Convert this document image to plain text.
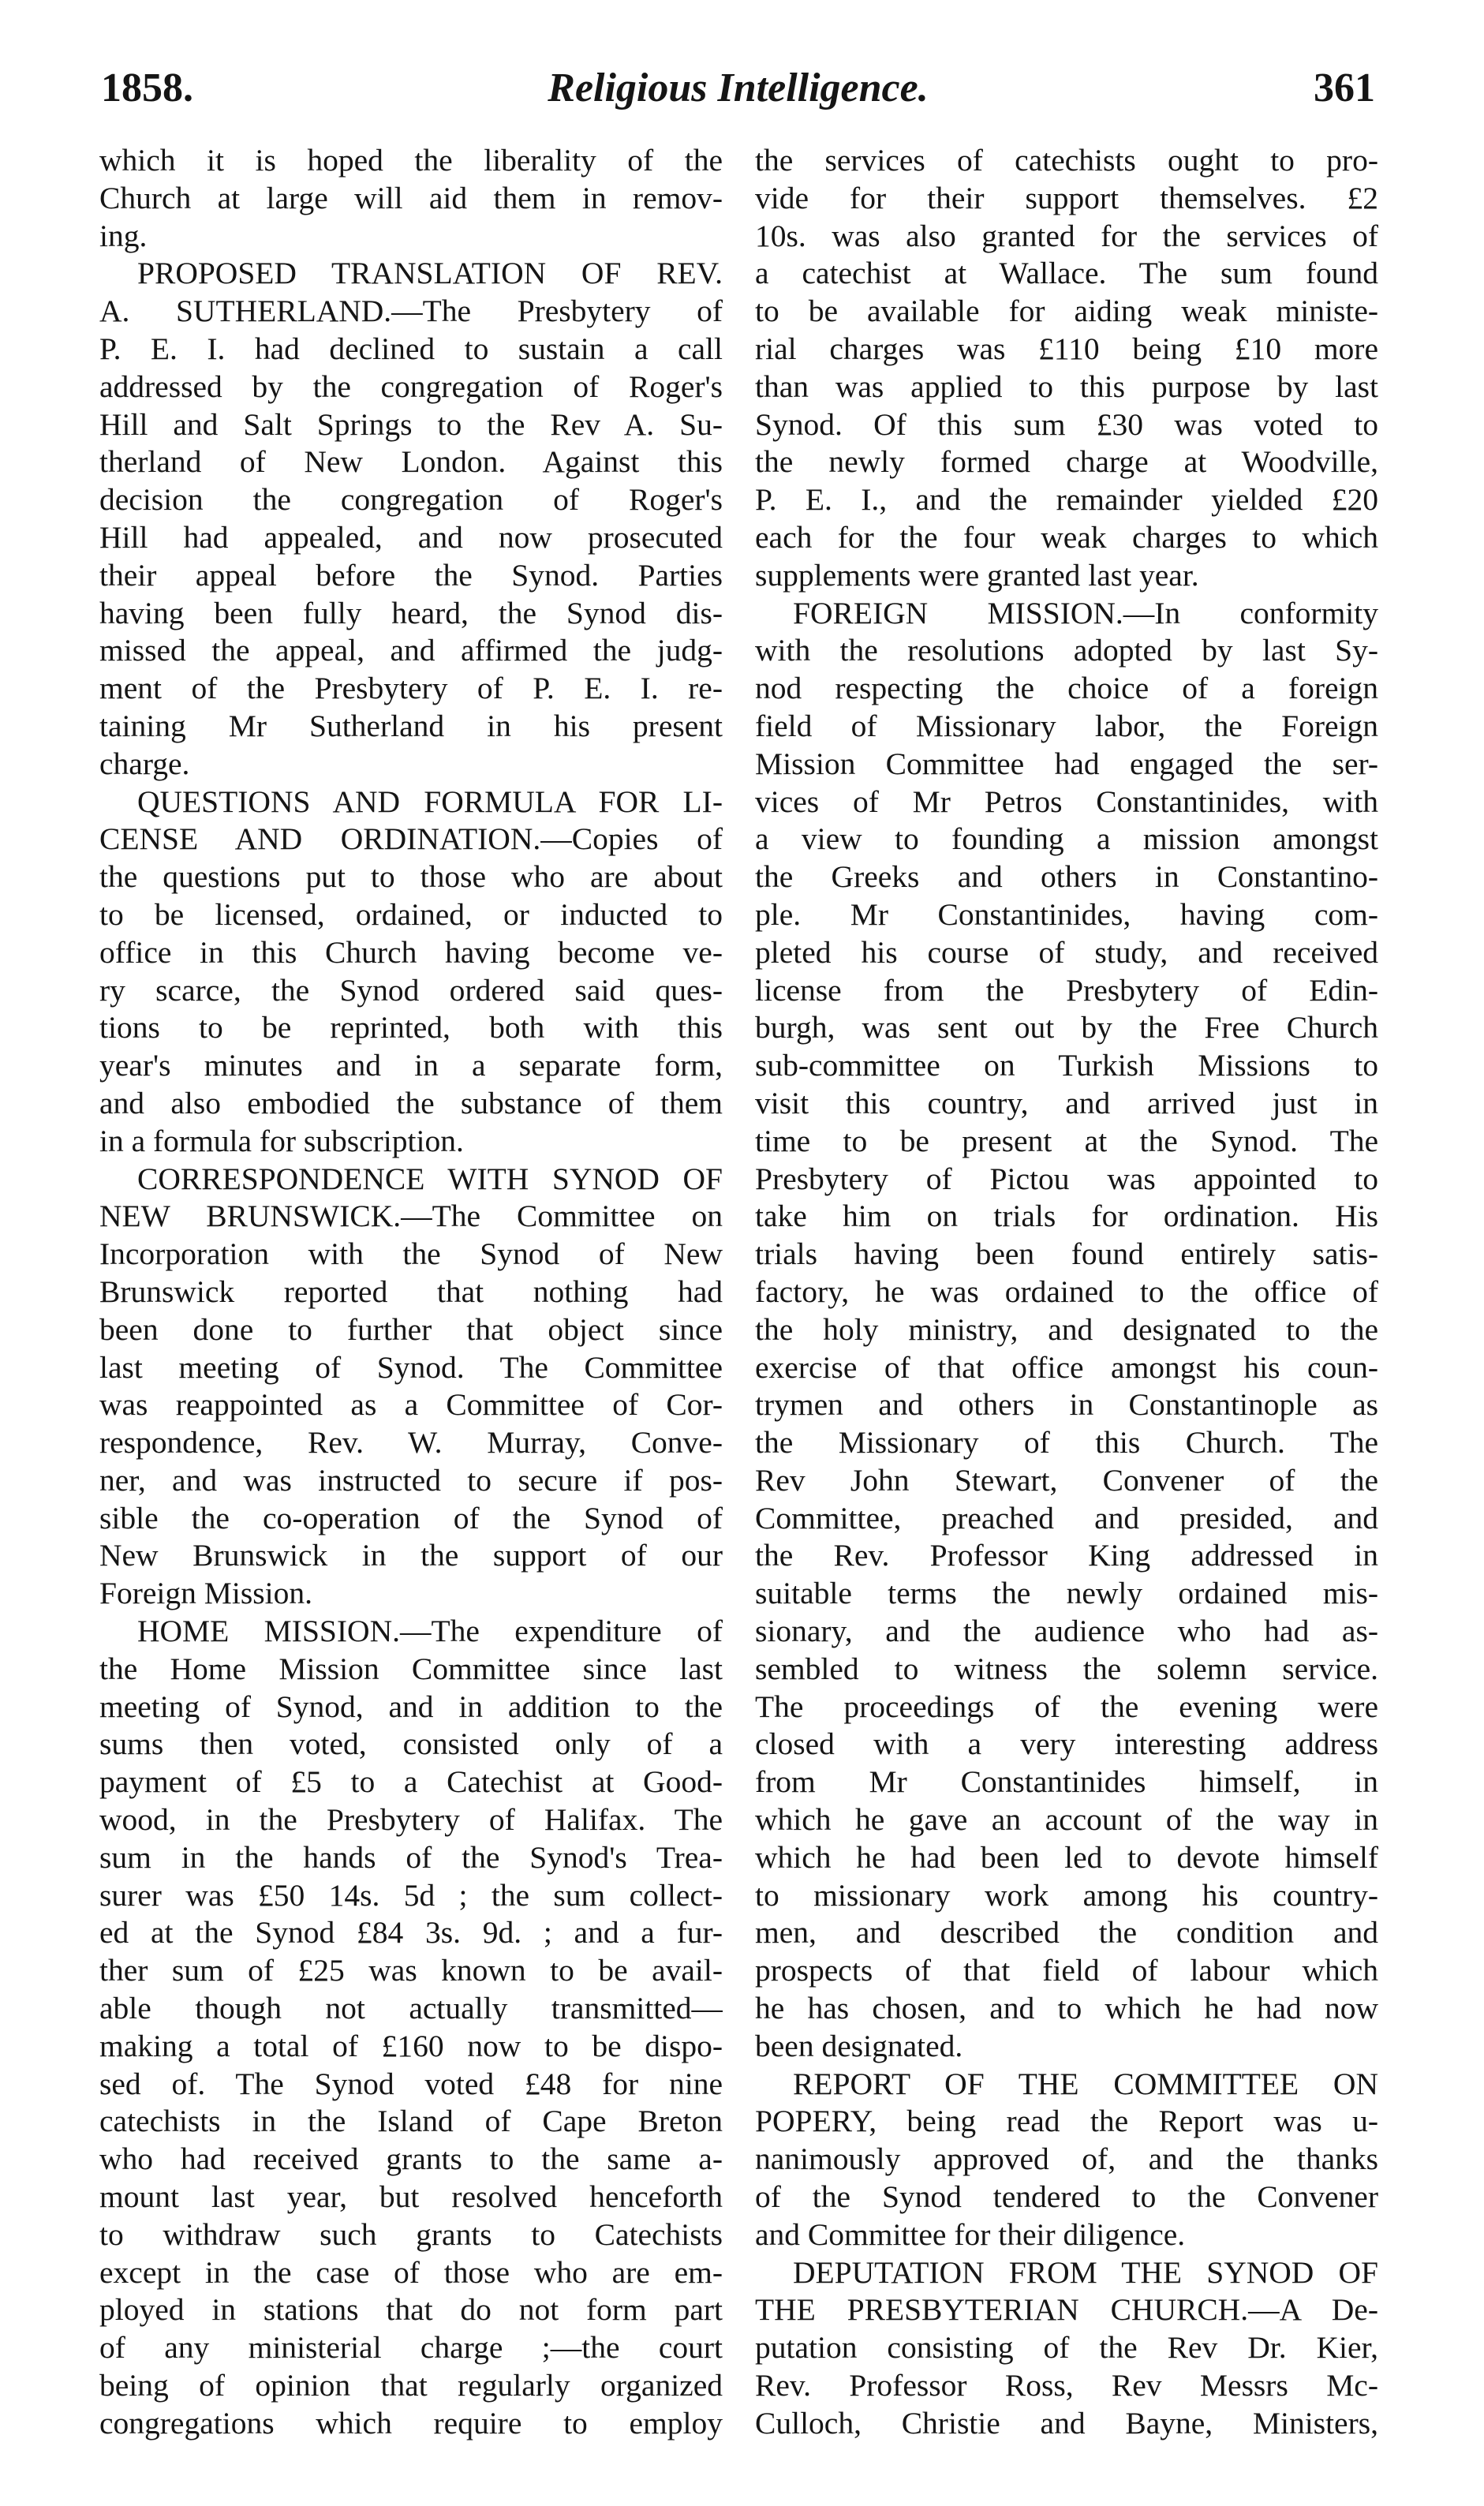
1858.	Religious Intelligence.	361
which it is hoped the liberality of the
Church at large will aid them in remov-
ing.
PROPOSED TRANSLATION OF REV.
A. SUTHERLAND.—The Presbytery of
P. E. I. had declined to sustain a call
addressed by the congregation of Roger's
Hill and Salt Springs to the Rev A. Su-
therland of New London. Against this
decision the congregation of Roger's
Hill had appealed, and now prosecuted
their appeal before the Synod. Parties
having been fully heard, the Synod dis-
missed the appeal, and affirmed the judg-
ment of the Presbytery of P. E. I. re-
taining Mr Sutherland in his present
charge.
QUESTIONS AND FORMULA FOR LI-
CENSE AND ORDINATION.—Copies of
the questions put to those who are about
to be licensed, ordained, or inducted to
office in this Church having become ve-
ry scarce, the Synod ordered said ques-
tions to be reprinted, both with this
year's minutes and in a separate form,
and also embodied the substance of them
in a formula for subscription.
CORRESPONDENCE WITH SYNOD OF
NEW BRUNSWICK.—The Committee on
Incorporation with the Synod of New
Brunswick reported that nothing had
been done to further that object since
last meeting of Synod. The Committee
was reappointed as a Committee of Cor-
respondence, Rev. W. Murray, Conve-
ner, and was instructed to secure if pos-
sible the co-operation of the Synod of
New Brunswick in the support of our
Foreign Mission.
HOME MISSION.—The expenditure of
the Home Mission Committee since last
meeting of Synod, and in addition to the
sums then voted, consisted only of a
payment of £5 to a Catechist at Good-
wood, in the Presbytery of Halifax. The
sum in the hands of the Synod's Trea-
surer was £50 14s. 5d ; the sum collect-
ed at the Synod £84 3s. 9d. ; and a fur-
ther sum of £25 was known to be avail-
able though not actually transmitted—
making a total of £160 now to be dispo-
sed of. The Synod voted £48 for nine
catechists in the Island of Cape Breton
who had received grants to the same a-
mount last year, but resolved henceforth
to withdraw such grants to Catechists
except in the case of those who are em-
ployed in stations that do not form part
of any ministerial charge ;—the court
being of opinion that regularly organized
congregations which require to employ
the services of catechists ought to pro-
vide for their support themselves. £2
10s. was also granted for the services of
a catechist at Wallace. The sum found
to be available for aiding weak ministe-
rial charges was £110 being £10 more
than was applied to this purpose by last
Synod. Of this sum £30 was voted to
the newly formed charge at Woodville,
P. E. I., and the remainder yielded £20
each for the four weak charges to which
supplements were granted last year.
FOREIGN MISSION.—In conformity
with the resolutions adopted by last Sy-
nod respecting the choice of a foreign
field of Missionary labor, the Foreign
Mission Committee had engaged the ser-
vices of Mr Petros Constantinides, with
a view to founding a mission amongst
the Greeks and others in Constantino-
ple. Mr Constantinides, having com-
pleted his course of study, and received
license from the Presbytery of Edin-
burgh, was sent out by the Free Church
sub-committee on Turkish Missions to
visit this country, and arrived just in
time to be present at the Synod. The
Presbytery of Pictou was appointed to
take him on trials for ordination. His
trials having been found entirely satis-
factory, he was ordained to the office of
the holy ministry, and designated to the
exercise of that office amongst his coun-
trymen and others in Constantinople as
the Missionary of this Church. The
Rev John Stewart, Convener of the
Committee, preached and presided, and
the Rev. Professor King addressed in
suitable terms the newly ordained mis-
sionary, and the audience who had as-
sembled to witness the solemn service.
The proceedings of the evening were
closed with a very interesting address
from Mr Constantinides himself, in
which he gave an account of the way in
which he had been led to devote himself
to missionary work among his country-
men, and described the condition and
prospects of that field of labour which
he has chosen, and to which he had now
been designated.
REPORT OF THE COMMITTEE ON
POPERY, being read the Report was u-
nanimously approved of, and the thanks
of the Synod tendered to the Convener
and Committee for their diligence.
DEPUTATION FROM THE SYNOD OF
THE PRESBYTERIAN CHURCH.—A De-
putation consisting of the Rev Dr. Kier,
Rev. Professor Ross, Rev Messrs Mc-
Culloch, Christie and Bayne, Ministers,
